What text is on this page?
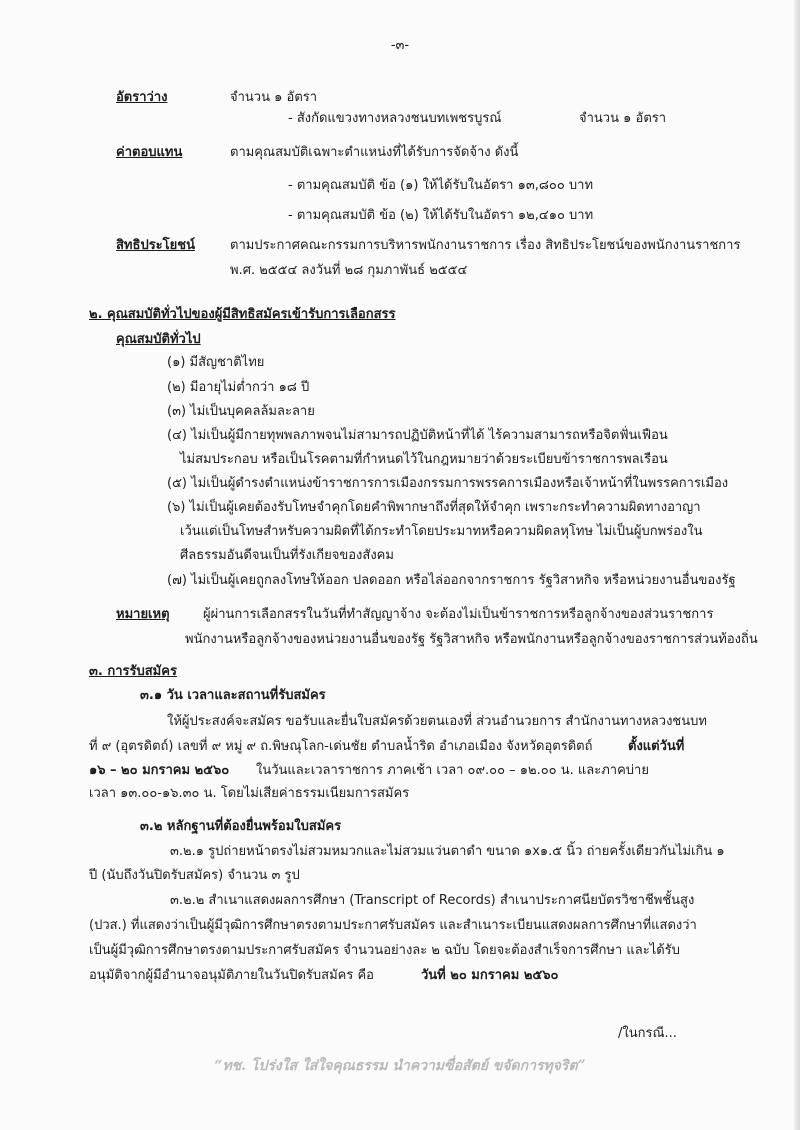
-๓-
อัตราว่าง	จำนวน ๑ อัตรา
- สังกัดแขวงทางหลวงชนบทเพชรบูรณ์	จำนวน ๑ อัตรา
ค่าตอบแทน	ตามคุณสมบัติเฉพาะตำแหน่งที่ได้รับการจัดจ้าง ดังนี้
- ตามคุณสมบัติ ข้อ (๑) ให้ได้รับในอัตรา ๑๓,๘๐๐ บาท
- ตามคุณสมบัติ ข้อ (๒) ให้ได้รับในอัตรา ๑๒,๔๑๐ บาท
สิทธิประโยชน์	ตามประกาศคณะกรรมการบริหารพนักงานราชการ เรื่อง สิทธิประโยชน์ของพนักงานราชการ
พ.ศ. ๒๕๕๔ ลงวันที่ ๒๘ กุมภาพันธ์ ๒๕๕๔
๒. คุณสมบัติทั่วไปของผู้มีสิทธิสมัครเข้ารับการเลือกสรร
คุณสมบัติทั่วไป
(๑) มีสัญชาติไทย
(๒) มีอายุไม่ต่ำกว่า ๑๘ ปี
(๓) ไม่เป็นบุคคลล้มละลาย
(๔) ไม่เป็นผู้มีกายทุพพลภาพจนไม่สามารถปฏิบัติหน้าที่ได้ ไร้ความสามารถหรือจิตฟั่นเฟือน
ไม่สมประกอบ หรือเป็นโรคตามที่กำหนดไว้ในกฎหมายว่าด้วยระเบียบข้าราชการพลเรือน
(๕) ไม่เป็นผู้ดำรงตำแหน่งข้าราชการการเมืองกรรมการพรรคการเมืองหรือเจ้าหน้าที่ในพรรคการเมือง
(๖) ไม่เป็นผู้เคยต้องรับโทษจำคุกโดยคำพิพากษาถึงที่สุดให้จำคุก เพราะกระทำความผิดทางอาญา
เว้นแต่เป็นโทษสำหรับความผิดที่ได้กระทำโดยประมาทหรือความผิดลหุโทษ ไม่เป็นผู้บกพร่องใน
ศีลธรรมอันดีจนเป็นที่รังเกียจของสังคม
(๗) ไม่เป็นผู้เคยถูกลงโทษให้ออก ปลดออก หรือไล่ออกจากราชการ รัฐวิสาหกิจ หรือหน่วยงานอื่นของรัฐ
หมายเหตุ	ผู้ผ่านการเลือกสรรในวันที่ทำสัญญาจ้าง จะต้องไม่เป็นข้าราชการหรือลูกจ้างของส่วนราชการ
พนักงานหรือลูกจ้างของหน่วยงานอื่นของรัฐ รัฐวิสาหกิจ หรือพนักงานหรือลูกจ้างของราชการส่วนท้องถิ่น
๓. การรับสมัคร
๓.๑ วัน เวลาและสถานที่รับสมัคร
ให้ผู้ประสงค์จะสมัคร ขอรับและยื่นใบสมัครด้วยตนเองที่ ส่วนอำนวยการ สำนักงานทางหลวงชนบท
ที่ ๙ (อุตรดิตถ์) เลขที่ ๙ หมู่ ๙ ถ.พิษณุโลก-เด่นชัย ตำบลน้ำริด อำเภอเมือง จังหวัดอุตรดิตถ์	ตั้งแต่วันที่
๑๖ – ๒๐ มกราคม ๒๕๖๐ ในวันและเวลาราชการ ภาคเช้า เวลา ๐๙.๐๐ – ๑๒.๐๐ น. และภาคบ่าย
เวลา ๑๓.๐๐-๑๖.๓๐ น. โดยไม่เสียค่าธรรมเนียมการสมัคร
๓.๒ หลักฐานที่ต้องยื่นพร้อมใบสมัคร
๓.๒.๑ รูปถ่ายหน้าตรงไม่สวมหมวกและไม่สวมแว่นตาดำ ขนาด ๑x๑.๕ นิ้ว ถ่ายครั้งเดียวกันไม่เกิน ๑
ปี (นับถึงวันปิดรับสมัคร) จำนวน ๓ รูป
๓.๒.๒ สำเนาแสดงผลการศึกษา (Transcript of Records) สำเนาประกาศนียบัตรวิชาชีพชั้นสูง
(ปวส.) ที่แสดงว่าเป็นผู้มีวุฒิการศึกษาตรงตามประกาศรับสมัคร และสำเนาระเบียนแสดงผลการศึกษาที่แสดงว่า
เป็นผู้มีวุฒิการศึกษาตรงตามประกาศรับสมัคร จำนวนอย่างละ ๒ ฉบับ โดยจะต้องสำเร็จการศึกษา และได้รับ
อนุมัติจากผู้มีอำนาจอนุมัติภายในวันปิดรับสมัคร คือ	วันที่ ๒๐ มกราคม ๒๕๖๐
/ในกรณี...
“ทช. โปร่งใส ใส่ใจคุณธรรม นำความซื่อสัตย์ ขจัดการทุจริต”
